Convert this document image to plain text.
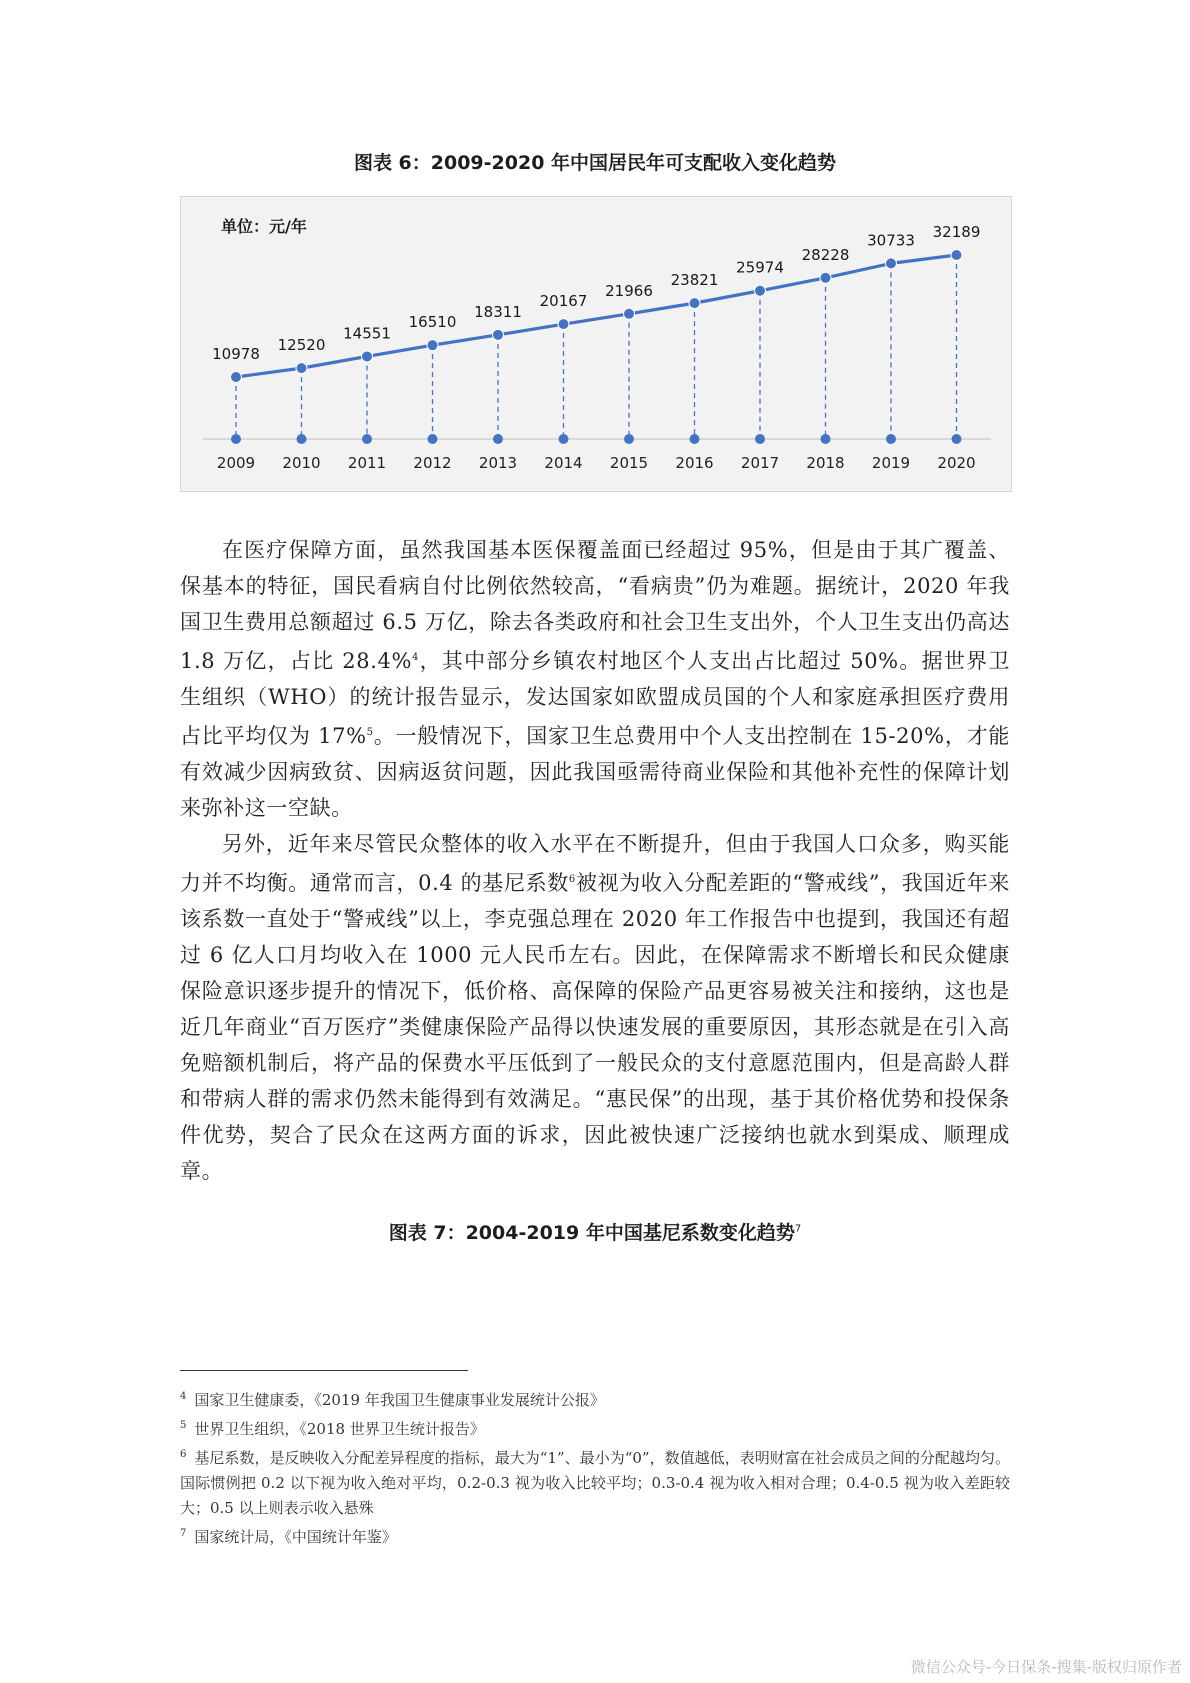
图表 6：2009-2020 年中国居民年可支配收入变化趋势
单位：元/年
2009 2010 2011 2012 2013 2014 2015 2016 2017 2018 2019 2020
10978 12520
14551
16510
18311
20167
21966
23821
25974
28228
30733 32189

在医疗保障方面，虽然我国基本医保覆盖面已经超过 95%，但是由于其广覆盖、保基本的特征，国民看病自付比例依然较高，“看病贵”仍为难题。据统计，2020 年我国卫生费用总额超过 6.5 万亿，除去各类政府和社会卫生支出外，个人卫生支出仍高达 1.8 万亿，占比 28.4%$^4$，其中部分乡镇农村地区个人支出占比超过 50%。据世界卫生组织（WHO）的统计报告显示，发达国家如欧盟成员国的个人和家庭承担医疗费用占比平均仅为 17%$^5$。一般情况下，国家卫生总费用中个人支出控制在 15-20%，才能有效减少因病致贫、因病返贫问题，因此我国亟需待商业保险和其他补充性的保障计划来弥补这一空缺。

另外，近年来尽管民众整体的收入水平在不断提升，但由于我国人口众多，购买能力并不均衡。通常而言，0.4 的基尼系数$^6$被视为收入分配差距的“警戒线”，我国近年来该系数一直处于“警戒线”以上，李克强总理在 2020 年工作报告中也提到，我国还有超过 6 亿人口月均收入在 1000 元人民币左右。因此，在保障需求不断增长和民众健康保险意识逐步提升的情况下，低价格、高保障的保险产品更容易被关注和接纳，这也是近几年商业“百万医疗”类健康保险产品得以快速发展的重要原因，其形态就是在引入高免赔额机制后，将产品的保费水平压低到了一般民众的支付意愿范围内，但是高龄人群和带病人群的需求仍然未能得到有效满足。“惠民保”的出现，基于其价格优势和投保条件优势，契合了民众在这两方面的诉求，因此被快速广泛接纳也就水到渠成、顺理成章。

图表 7：2004-2019 年中国基尼系数变化趋势$^7$

$^4$ 国家卫生健康委，《2019 年我国卫生健康事业发展统计公报》

$^5$ 世界卫生组织，《2018 世界卫生统计报告》

$^6$ 基尼系数，是反映收入分配差异程度的指标，最大为“1”、最小为“0”，数值越低，表明财富在社会成员之间的分配越均匀。国际惯例把 0.2 以下视为收入绝对平均，0.2-0.3 视为收入比较平均；0.3-0.4 视为收入相对合理；0.4-0.5 视为收入差距较大；0.5 以上则表示收入悬殊

$^7$ 国家统计局，《中国统计年鉴》

微信公众号-今日保条-搜集-版权归原作者
